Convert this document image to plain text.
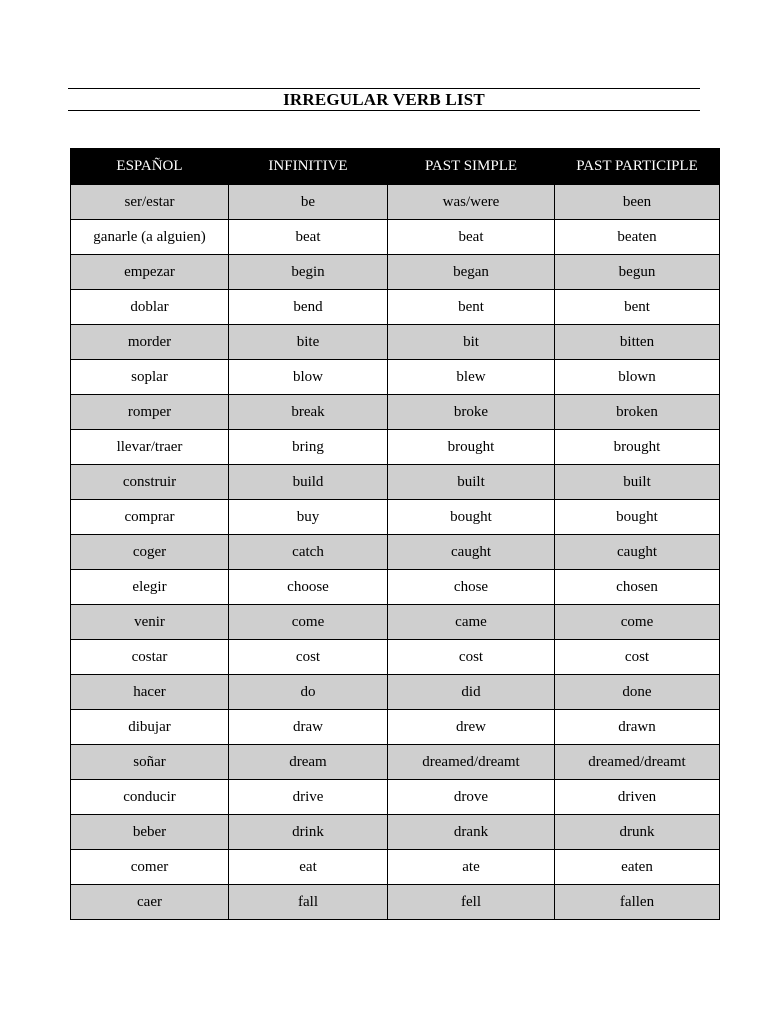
IRREGULAR VERB LIST
ESPAÑOL	INFINITIVE	PAST SIMPLE	PAST PARTICIPLE

ser/estar	be	was/were	been
ganarle (a alguien)	beat	beat	beaten
empezar	begin	began	begun
doblar	bend	bent	bent
morder	bite	bit	bitten
soplar	blow	blew	blown
romper	break	broke	broken
llevar/traer	bring	brought	brought
construir	build	built	built
comprar	buy	bought	bought
coger	catch	caught	caught
elegir	choose	chose	chosen
venir	come	came	come
costar	cost	cost	cost
hacer	do	did	done
dibujar	draw	drew	drawn
soñar	dream	dreamed/dreamt	dreamed/dreamt
conducir	drive	drove	driven
beber	drink	drank	drunk
comer	eat	ate	eaten
caer	fall	fell	fallen
